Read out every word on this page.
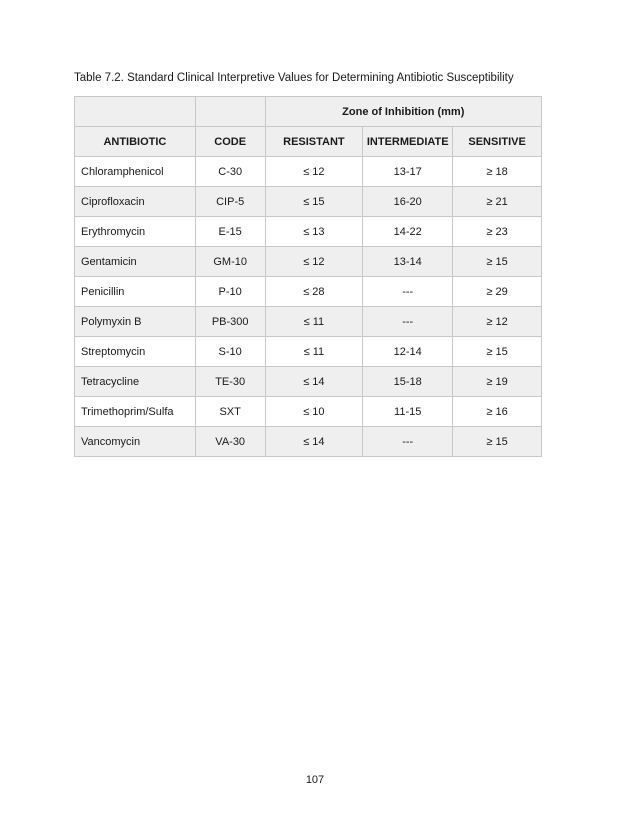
Table 7.2. Standard Clinical Interpretive Values for Determining Antibiotic Susceptibility
		Zone of Inhibition (mm)		
ANTIBIOTIC	CODE	RESISTANT	INTERMEDIATE	SENSITIVE
Chloramphenicol	C-30	≤ 12	13-17	≥ 18
Ciprofloxacin	CIP-5	≤ 15	16-20	≥ 21
Erythromycin	E-15	≤ 13	14-22	≥ 23
Gentamicin	GM-10	≤ 12	13-14	≥ 15
Penicillin	P-10	≤ 28	---	≥ 29
Polymyxin B	PB-300	≤ 11	---	≥ 12
Streptomycin	S-10	≤ 11	12-14	≥ 15
Tetracycline	TE-30	≤ 14	15-18	≥ 19
Trimethoprim/Sulfa	SXT	≤ 10	11-15	≥ 16
Vancomycin	VA-30	≤ 14	---	≥ 15
107
